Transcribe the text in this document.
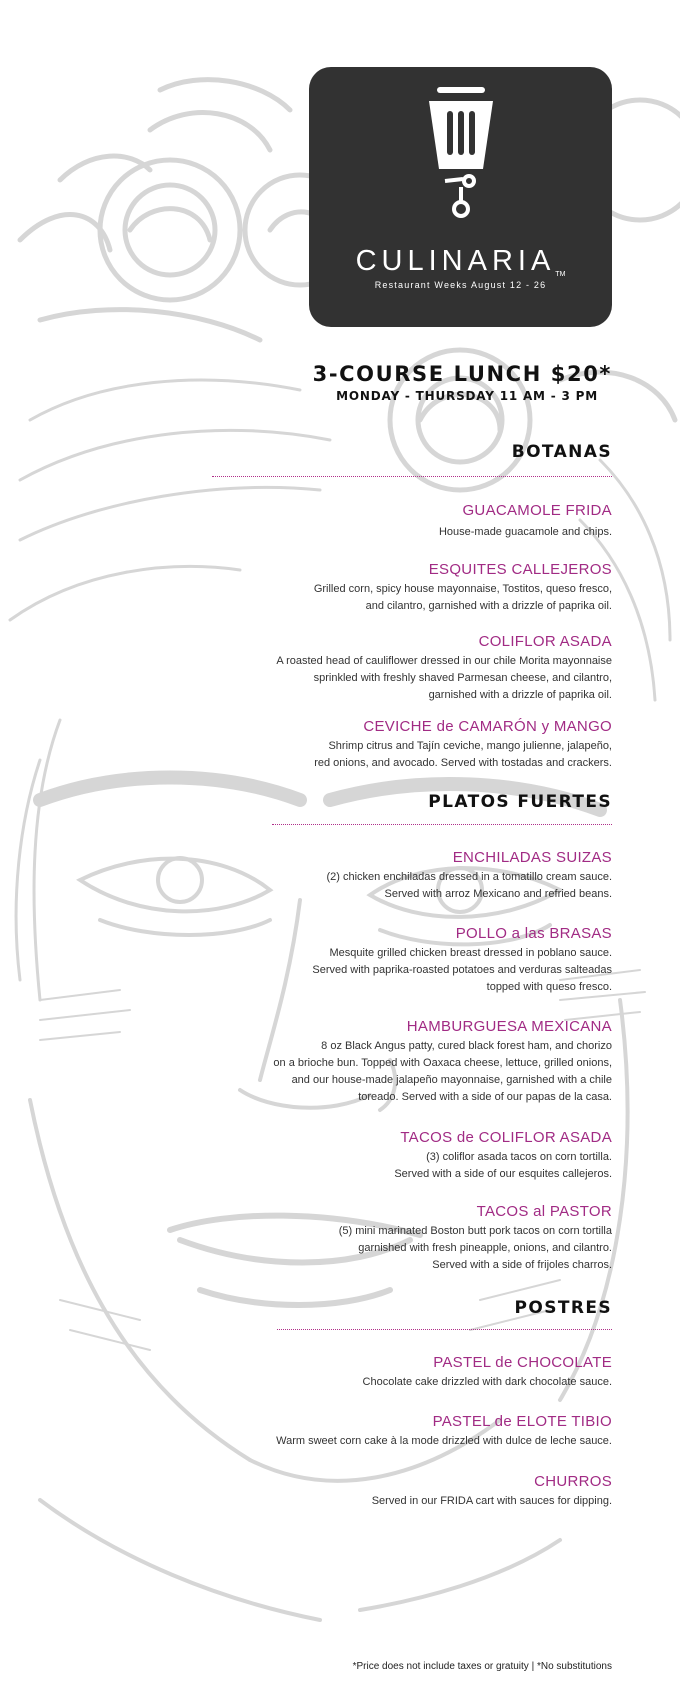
CULINARIATM
Restaurant Weeks August 12 - 26
3-COURSE LUNCH $20*
MONDAY - THURSDAY 11 AM - 3 PM
BOTANAS
GUACAMOLE FRIDA
House-made guacamole and chips.
ESQUITES CALLEJEROS
Grilled corn, spicy house mayonnaise, Tostitos, queso fresco,
and cilantro, garnished with a drizzle of paprika oil.
COLIFLOR ASADA
A roasted head of cauliflower dressed in our chile Morita mayonnaise
sprinkled with freshly shaved Parmesan cheese, and cilantro,
garnished with a drizzle of paprika oil.
CEVICHE de CAMARÓN y MANGO
Shrimp citrus and Tajín ceviche, mango julienne, jalapeño,
red onions, and avocado. Served with tostadas and crackers.
PLATOS FUERTES
ENCHILADAS SUIZAS
(2) chicken enchiladas dressed in a tomatillo cream sauce.
Served with arroz Mexicano and refried beans.
POLLO a las BRASAS
Mesquite grilled chicken breast dressed in poblano sauce.
Served with paprika-roasted potatoes and verduras salteadas
topped with queso fresco.
HAMBURGUESA MEXICANA
8 oz Black Angus patty, cured black forest ham, and chorizo
on a brioche bun. Topped with Oaxaca cheese, lettuce, grilled onions,
and our house-made jalapeño mayonnaise, garnished with a chile
toreado. Served with a side of our papas de la casa.
TACOS de COLIFLOR ASADA
(3) coliflor asada tacos on corn tortilla.
Served with a side of our esquites callejeros.
TACOS al PASTOR
(5) mini marinated Boston butt pork tacos on corn tortilla
garnished with fresh pineapple, onions, and cilantro.
Served with a side of frijoles charros.
POSTRES
PASTEL de CHOCOLATE
Chocolate cake drizzled with dark chocolate sauce.
PASTEL de ELOTE TIBIO
Warm sweet corn cake à la mode drizzled with dulce de leche sauce.
CHURROS
Served in our FRIDA cart with sauces for dipping.
*Price does not include taxes or gratuity | *No substitutions
